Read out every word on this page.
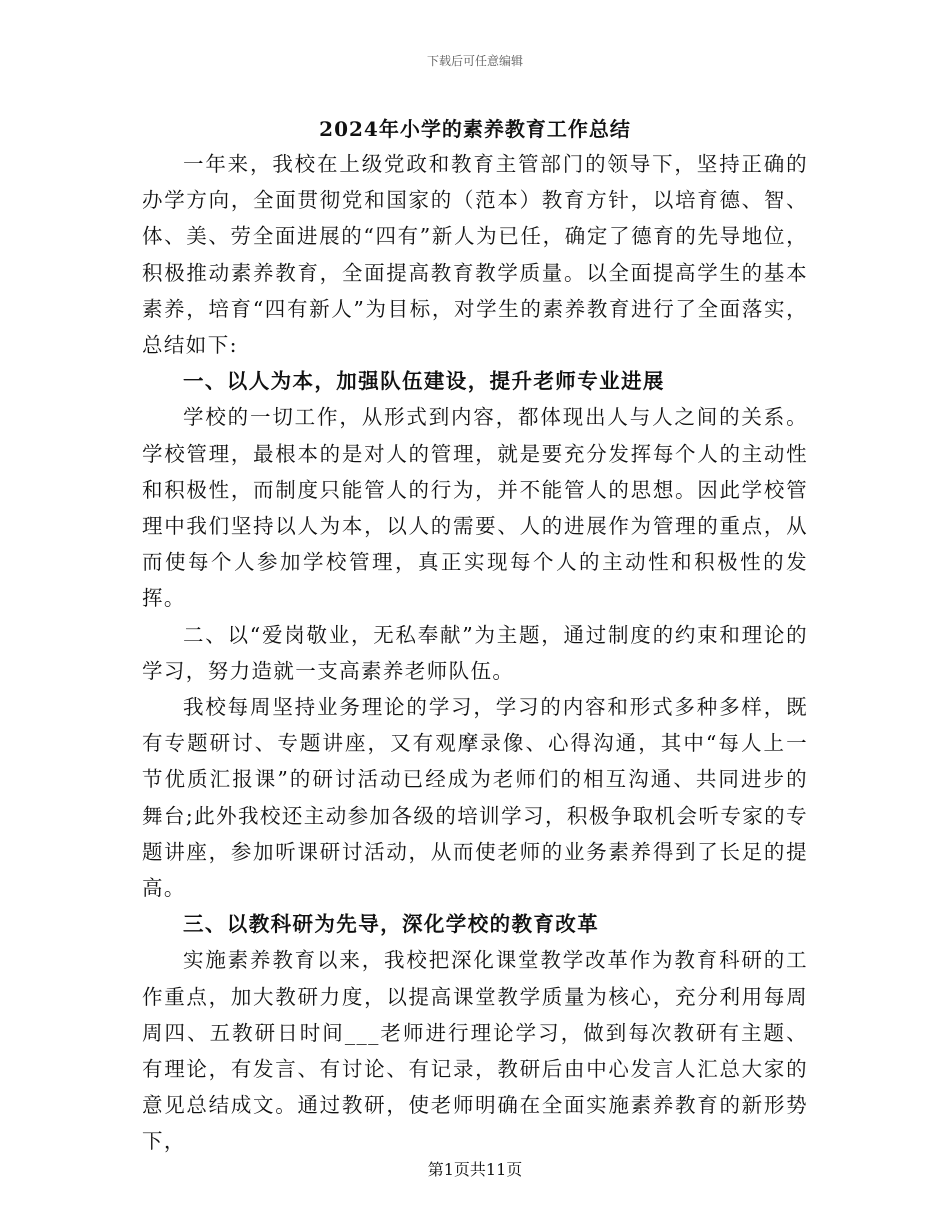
下载后可任意编辑
2024年小学的素养教育工作总结

一年来，我校在上级党政和教育主管部门的领导下，坚持正确的办学方向，全面贯彻党和国家的（范本）教育方针，以培育德、智、体、美、劳全面进展的“四有”新人为已任，确定了德育的先导地位，积极推动素养教育，全面提高教育教学质量。以全面提高学生的基本素养，培育“四有新人”为目标，对学生的素养教育进行了全面落实，总结如下:

一、以人为本，加强队伍建设，提升老师专业进展

学校的一切工作，从形式到内容，都体现出人与人之间的关系。学校管理，最根本的是对人的管理，就是要充分发挥每个人的主动性和积极性，而制度只能管人的行为，并不能管人的思想。因此学校管理中我们坚持以人为本，以人的需要、人的进展作为管理的重点，从而使每个人参加学校管理，真正实现每个人的主动性和积极性的发挥。

二、以“爱岗敬业，无私奉献”为主题，通过制度的约束和理论的学习，努力造就一支高素养老师队伍。

我校每周坚持业务理论的学习，学习的内容和形式多种多样，既有专题研讨、专题讲座，又有观摩录像、心得沟通，其中“每人上一节优质汇报课”的研讨活动已经成为老师们的相互沟通、共同进步的舞台;此外我校还主动参加各级的培训学习，积极争取机会听专家的专题讲座，参加听课研讨活动，从而使老师的业务素养得到了长足的提高。

三、以教科研为先导，深化学校的教育改革

实施素养教育以来，我校把深化课堂教学改革作为教育科研的工作重点，加大教研力度，以提高课堂教学质量为核心，充分利用每周周四、五教研日时间___老师进行理论学习，做到每次教研有主题、有理论，有发言、有讨论、有记录，教研后由中心发言人汇总大家的意见总结成文。通过教研，使老师明确在全面实施素养教育的新形势下，

第1页共11页
